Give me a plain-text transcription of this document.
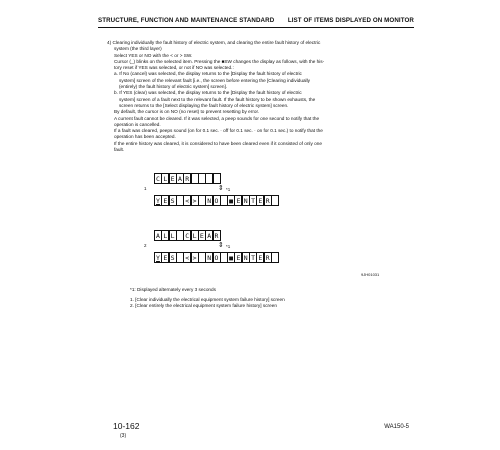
STRUCTURE, FUNCTION AND MAINTENANCE STANDARD LIST OF ITEMS DISPLAYED ON MONITOR

4) Clearing individually the fault history of electric system, and clearing the entire fault history of electric

system (the third layer)

Select YES or NO with the < or > SW.

Cursor (_) blinks on the selected item. Pressing the ■SW changes the display as follows, with the his-

tory reset if YES was selected, or not if NO was selected.:

a. If No (cancel) was selected, the display returns to the [Display the fault history of electric

system] screen of the relevant fault [i.e., the screen before entering the [Clearing individually

(entirely) the fault history of electric system] screen].

b. If YES (clear) was selected, the display returns to the [Display the fault history of electric

system] screen of a fault next to the relevant fault. If the fault history to be shown exhausts, the

screen returns to the [Select displaying the fault history of electric system] screen.

By default, the cursor is on NO (no reset) to prevent resetting by error.

A current fault cannot be cleared. If it was selected, a peep sounds for one second to notify that the

operation is cancelled.

If a fault was cleared, peeps sound (on for 0.1 sec. · off for 0.1 sec. · on for 0.1 sec.) to notify that the

operation has been accepted.

If the entire history was cleared, it is considered to have been cleared even if it consisted of only one

fault.

1
C L E A R

⇕ *1
Y E S
	< >
	N O
	■ E N T E R

2
A L L
	C L E A R
⇕ *1
Y E S
	< >
	N O
	■ E N T E R

9JH01031
*1: Displayed alternately every 3 seconds

1. [Clear individually the electrical equipment system failure history] screen

2. [Clear entirely the electrical equipment system failure history] screen

10-162
(3)
WA150-5
